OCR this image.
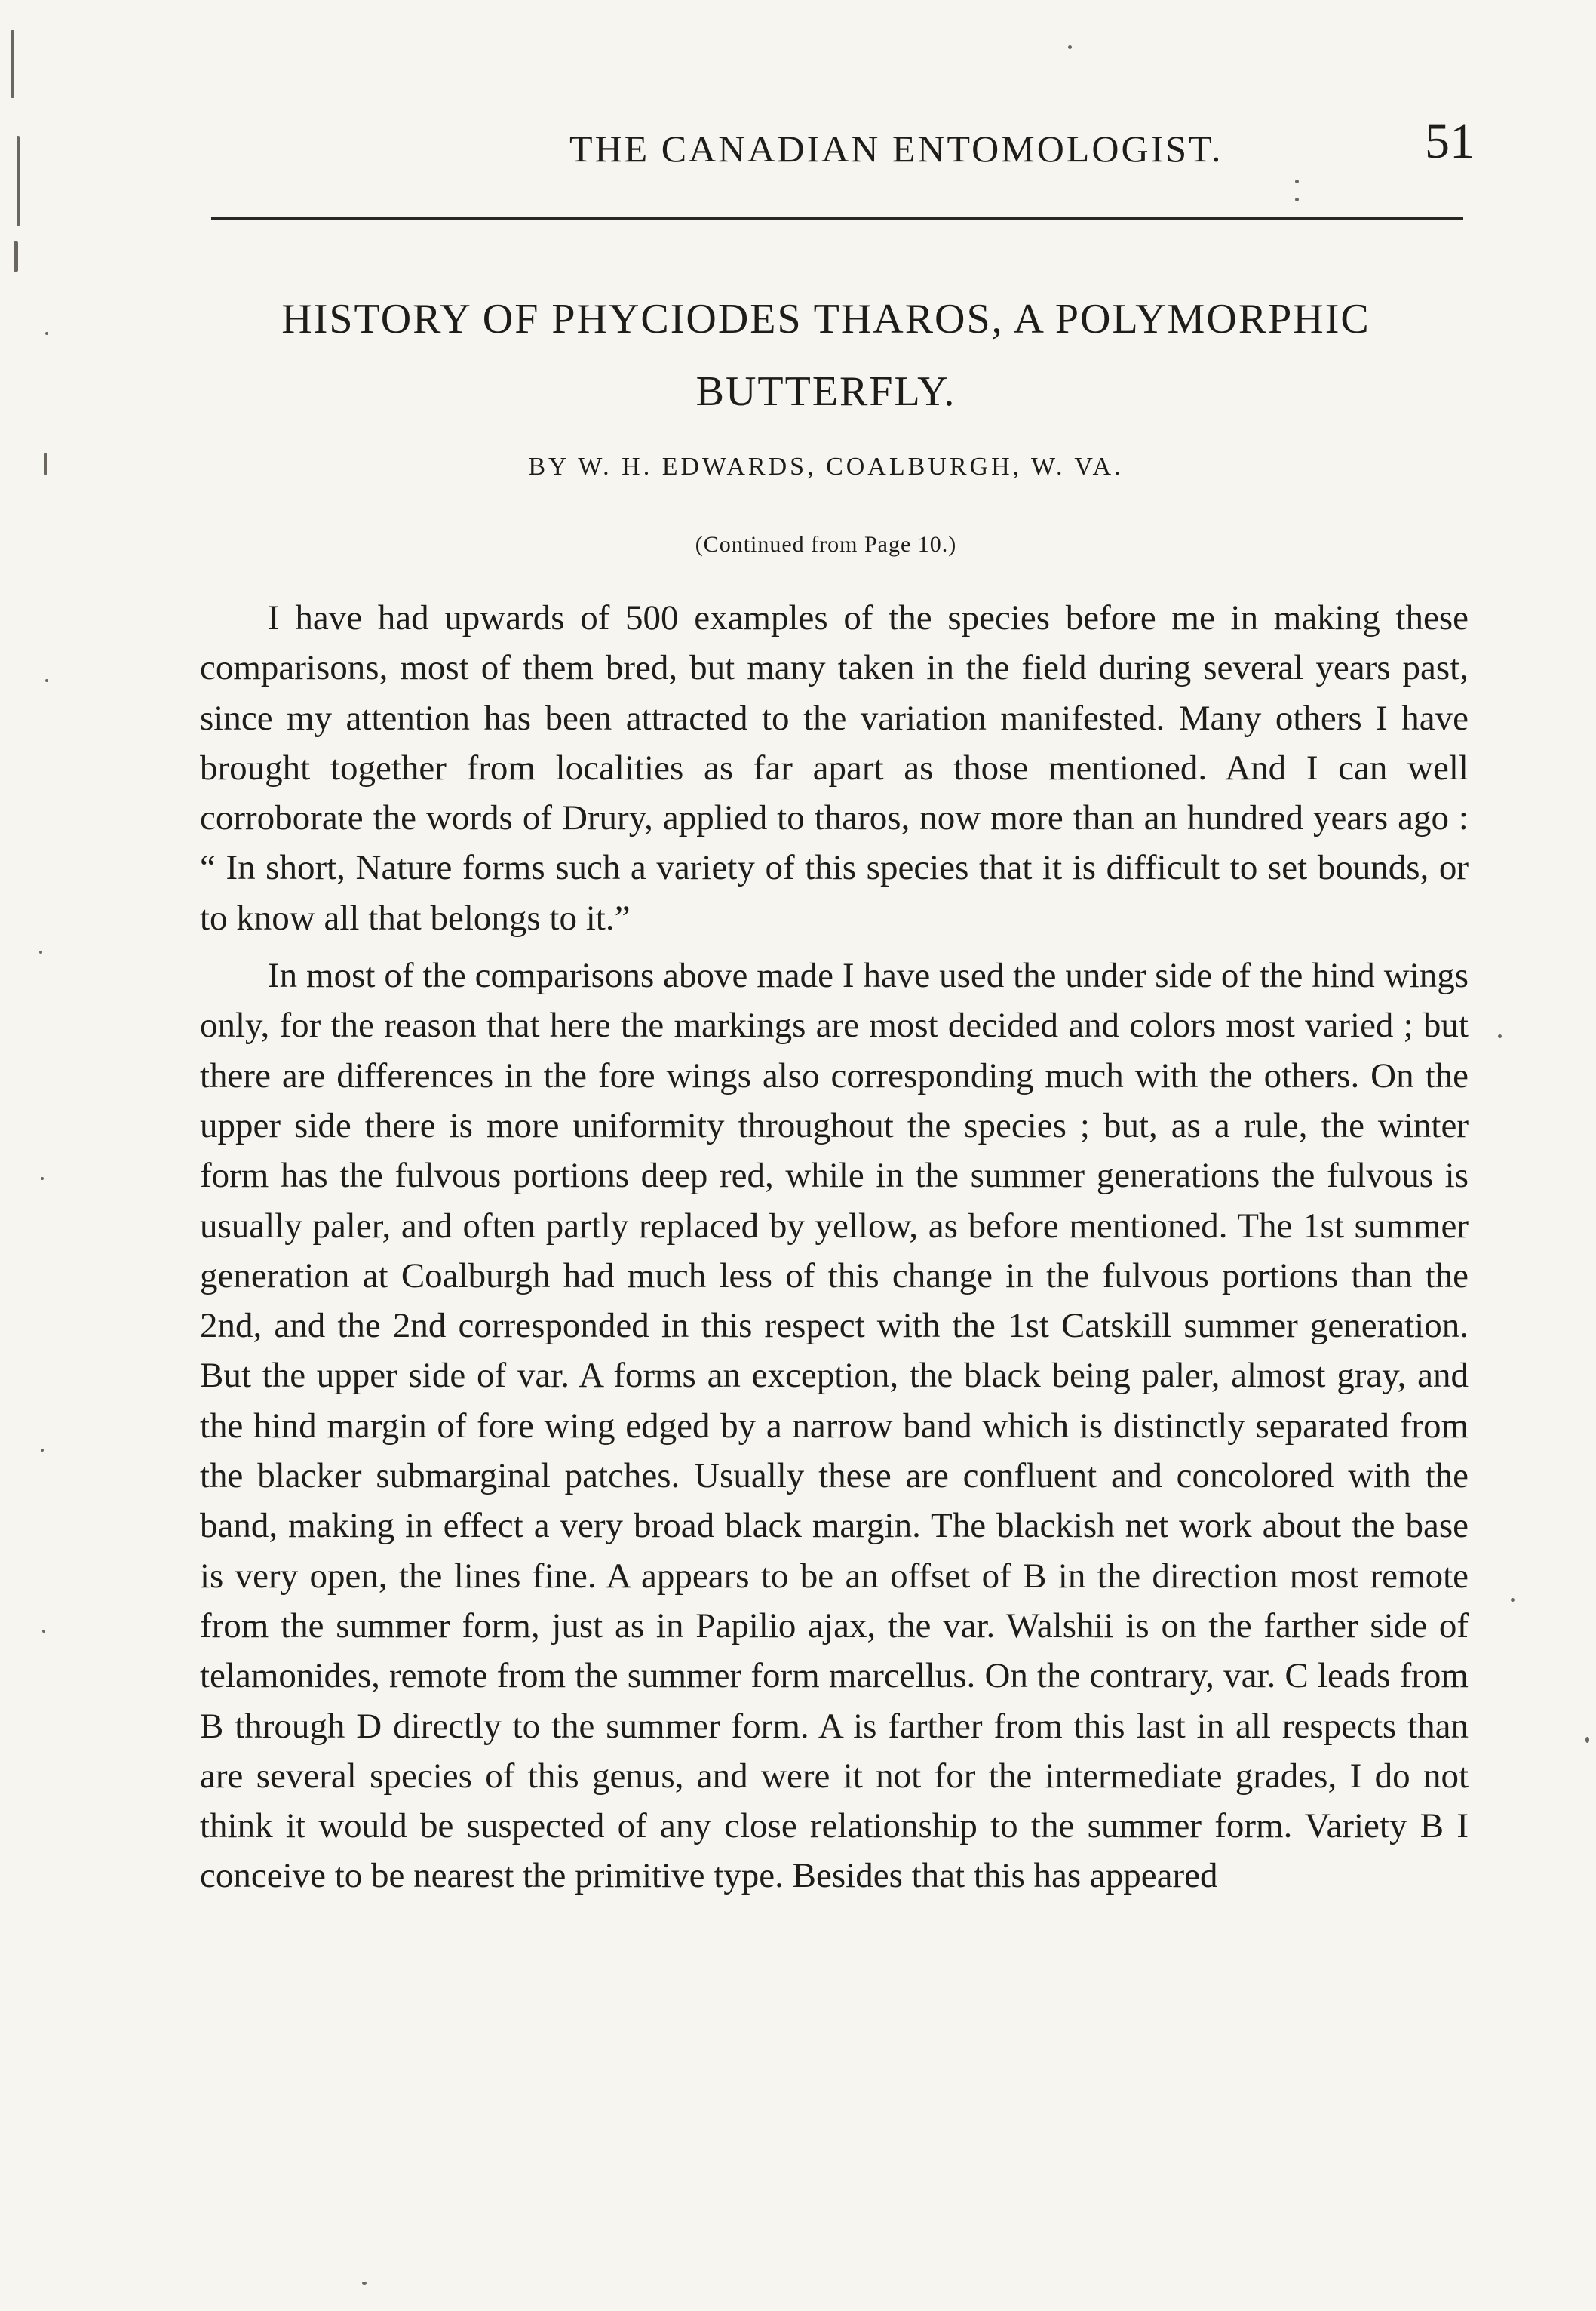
THE CANADIAN ENTOMOLOGIST.	51
HISTORY OF PHYCIODES THAROS, A POLYMORPHIC BUTTERFLY.
BY W. H. EDWARDS, COALBURGH, W. VA.
(Continued from Page 10.)

I have had upwards of 500 examples of the species before me in making these comparisons, most of them bred, but many taken in the field during several years past, since my attention has been attracted to the variation manifested. Many others I have brought together from localities as far apart as those mentioned. And I can well corroborate the words of Drury, applied to tharos, now more than an hundred years ago : “ In short, Nature forms such a variety of this species that it is difficult to set bounds, or to know all that belongs to it.”

In most of the comparisons above made I have used the under side of the hind wings only, for the reason that here the markings are most decided and colors most varied ; but there are differences in the fore wings also corresponding much with the others. On the upper side there is more uniformity throughout the species ; but, as a rule, the winter form has the fulvous portions deep red, while in the summer generations the fulvous is usually paler, and often partly replaced by yellow, as before mentioned. The 1st summer generation at Coalburgh had much less of this change in the fulvous portions than the 2nd, and the 2nd corresponded in this respect with the 1st Catskill summer generation. But the upper side of var. A forms an exception, the black being paler, almost gray, and the hind margin of fore wing edged by a narrow band which is distinctly separated from the blacker submarginal patches. Usually these are confluent and concolored with the band, making in effect a very broad black margin. The blackish net work about the base is very open, the lines fine. A appears to be an offset of B in the direction most remote from the summer form, just as in Papilio ajax, the var. Walshii is on the farther side of telamonides, remote from the summer form marcellus. On the contrary, var. C leads from B through D directly to the summer form. A is farther from this last in all respects than are several species of this genus, and were it not for the intermediate grades, I do not think it would be suspected of any close relationship to the summer form. Variety B I conceive to be nearest the primitive type. Besides that this has appeared
